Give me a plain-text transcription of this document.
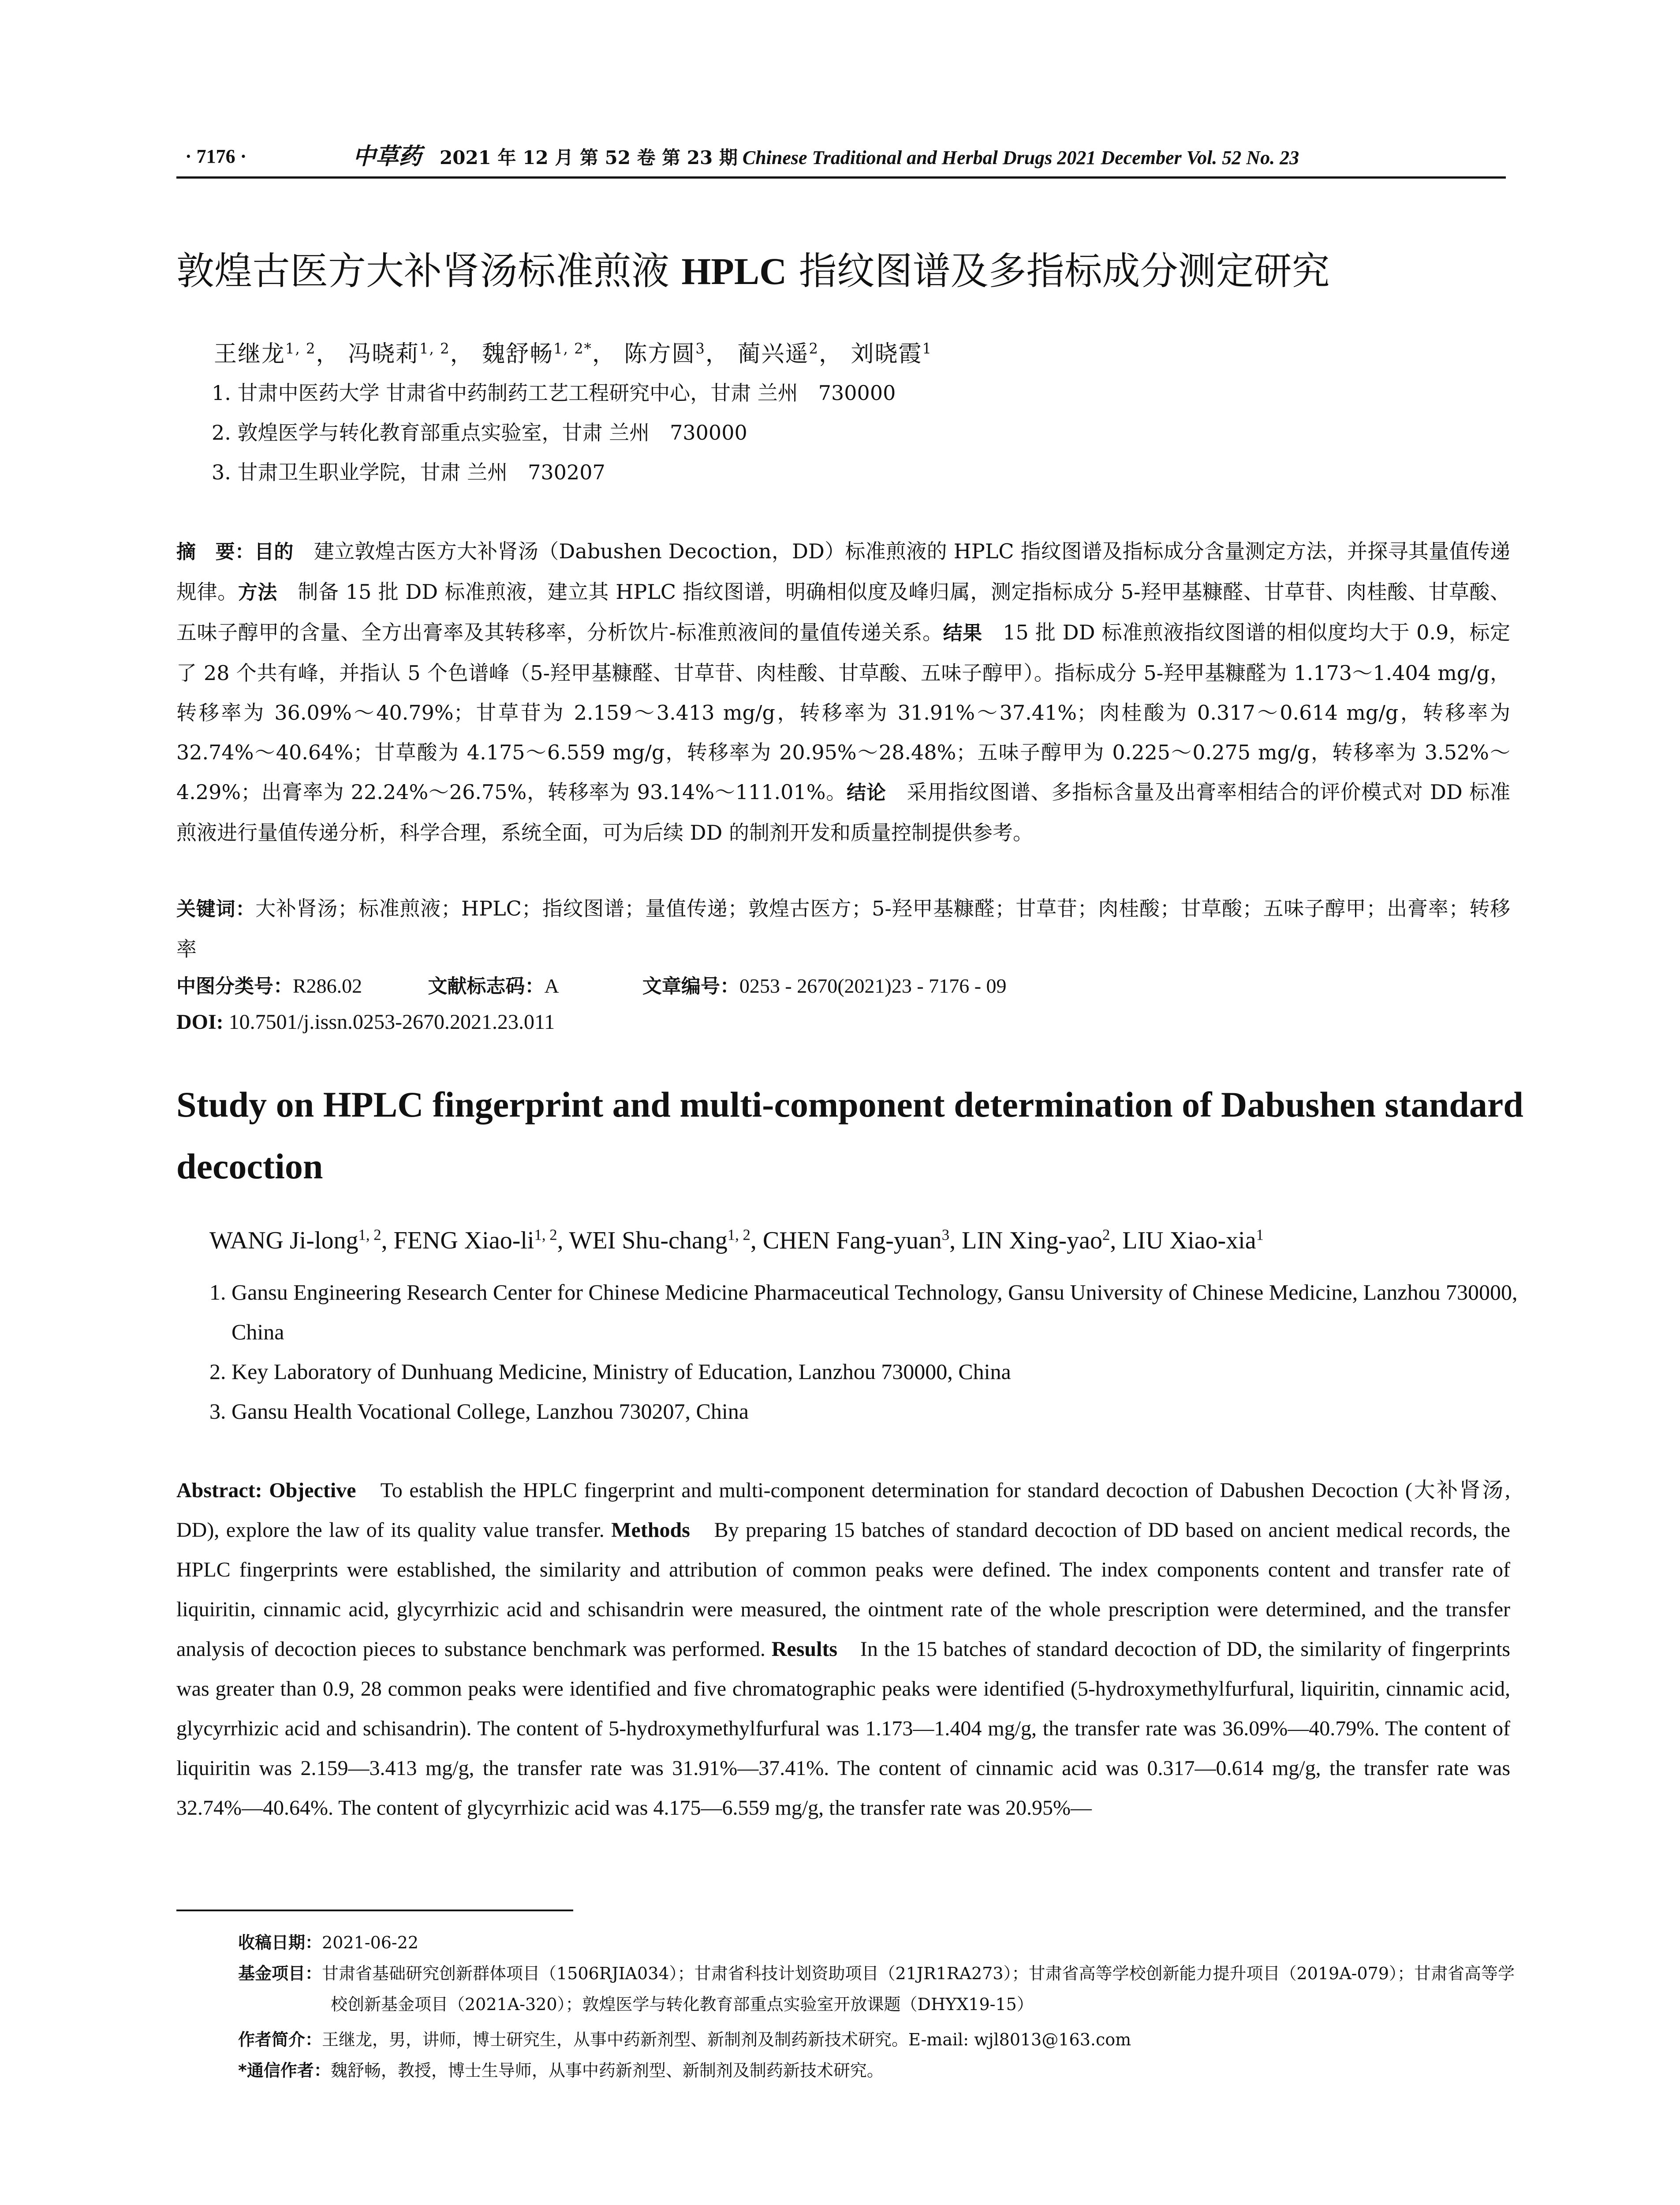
· 7176 ·	中草药 2021 年 12 月 第 52 卷 第 23 期 Chinese Traditional and Herbal Drugs 2021 December Vol. 52 No. 23
敦煌古医方大补肾汤标准煎液 HPLC 指纹图谱及多指标成分测定研究
王继龙$^{1, 2}$， 冯晓莉$^{1, 2}$， 魏舒畅$^{1, 2*}$， 陈方圆$^3$， 蔺兴遥$^2$， 刘晓霞$^1$
1. 甘肃中医药大学 甘肃省中药制药工艺工程研究中心，甘肃 兰州　730000
2. 敦煌医学与转化教育部重点实验室，甘肃 兰州　730000
3. 甘肃卫生职业学院，甘肃 兰州　730207
摘　要：目的　建立敦煌古医方大补肾汤（Dabushen Decoction，DD）标准煎液的 HPLC 指纹图谱及指标成分含量测定方法，并探寻其量值传递规律。方法　制备 15 批 DD 标准煎液，建立其 HPLC 指纹图谱，明确相似度及峰归属，测定指标成分 5-羟甲基糠醛、甘草苷、肉桂酸、甘草酸、五味子醇甲的含量、全方出膏率及其转移率，分析饮片-标准煎液间的量值传递关系。结果　15 批 DD 标准煎液指纹图谱的相似度均大于 0.9，标定了 28 个共有峰，并指认 5 个色谱峰（5-羟甲基糠醛、甘草苷、肉桂酸、甘草酸、五味子醇甲）。指标成分 5-羟甲基糠醛为 1.173～1.404 mg/g，转移率为 36.09%～40.79%；甘草苷为 2.159～3.413 mg/g，转移率为 31.91%～37.41%；肉桂酸为 0.317～0.614 mg/g，转移率为 32.74%～40.64%；甘草酸为 4.175～6.559 mg/g，转移率为 20.95%～28.48%；五味子醇甲为 0.225～0.275 mg/g，转移率为 3.52%～4.29%；出膏率为 22.24%～26.75%，转移率为 93.14%～111.01%。结论　采用指纹图谱、多指标含量及出膏率相结合的评价模式对 DD 标准煎液进行量值传递分析，科学合理，系统全面，可为后续 DD 的制剂开发和质量控制提供参考。
关键词：大补肾汤；标准煎液；HPLC；指纹图谱；量值传递；敦煌古医方；5-羟甲基糠醛；甘草苷；肉桂酸；甘草酸；五味子醇甲；出膏率；转移率
中图分类号：R286.02	文献标志码：A	文章编号：0253 - 2670(2021)23 - 7176 - 09
DOI: 10.7501/j.issn.0253-2670.2021.23.011
Study on HPLC fingerprint and multi-component determination of Dabushen standard decoction
WANG Ji-long$^{1, 2}$, FENG Xiao-li$^{1, 2}$, WEI Shu-chang$^{1, 2}$, CHEN Fang-yuan$^3$, LIN Xing-yao$^2$, LIU Xiao-xia$^1$
1. Gansu Engineering Research Center for Chinese Medicine Pharmaceutical Technology, Gansu University of Chinese Medicine, Lanzhou 730000, China
2. Key Laboratory of Dunhuang Medicine, Ministry of Education, Lanzhou 730000, China
3. Gansu Health Vocational College, Lanzhou 730207, China
Abstract: Objective　To establish the HPLC fingerprint and multi-component determination for standard decoction of Dabushen Decoction (大补肾汤, DD), explore the law of its quality value transfer. Methods　By preparing 15 batches of standard decoction of DD based on ancient medical records, the HPLC fingerprints were established, the similarity and attribution of common peaks were defined. The index components content and transfer rate of liquiritin, cinnamic acid, glycyrrhizic acid and schisandrin were measured, the ointment rate of the whole prescription were determined, and the transfer analysis of decoction pieces to substance benchmark was performed. Results　In the 15 batches of standard decoction of DD, the similarity of fingerprints was greater than 0.9, 28 common peaks were identified and five chromatographic peaks were identified (5-hydroxymethylfurfural, liquiritin, cinnamic acid, glycyrrhizic acid and schisandrin). The content of 5-hydroxymethylfurfural was 1.173—1.404 mg/g, the transfer rate was 36.09%—40.79%. The content of liquiritin was 2.159—3.413 mg/g, the transfer rate was 31.91%—37.41%. The content of cinnamic acid was 0.317—0.614 mg/g, the transfer rate was 32.74%—40.64%. The content of glycyrrhizic acid was 4.175—6.559 mg/g, the transfer rate was 20.95%—
收稿日期：2021-06-22
基金项目：甘肃省基础研究创新群体项目（1506RJIA034）；甘肃省科技计划资助项目（21JR1RA273）；甘肃省高等学校创新能力提升项目（2019A-079）；甘肃省高等学校创新基金项目（2021A-320）；敦煌医学与转化教育部重点实验室开放课题（DHYX19-15）
作者简介：王继龙，男，讲师，博士研究生，从事中药新剂型、新制剂及制药新技术研究。E-mail: wjl8013@163.com
*通信作者：魏舒畅，教授，博士生导师，从事中药新剂型、新制剂及制药新技术研究。
